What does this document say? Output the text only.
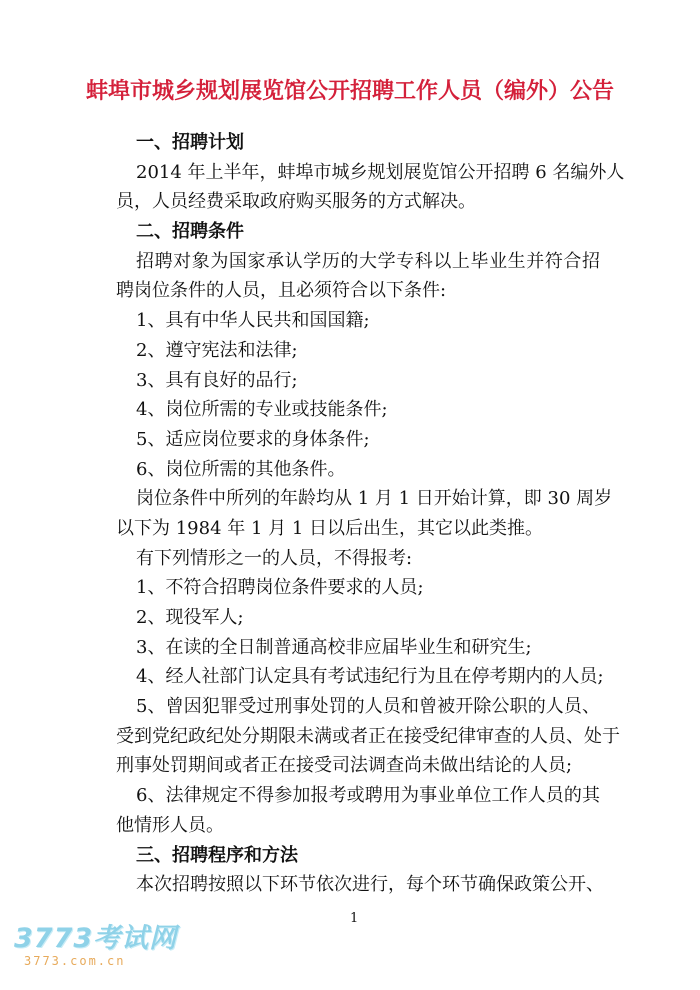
蚌埠市城乡规划展览馆公开招聘工作人员（编外）公告
一、招聘计划
2014 年上半年，蚌埠市城乡规划展览馆公开招聘 6 名编外人
员，人员经费采取政府购买服务的方式解决。
二、招聘条件
招聘对象为国家承认学历的大学专科以上毕业生并符合招
聘岗位条件的人员，且必须符合以下条件:
1、具有中华人民共和国国籍;
2、遵守宪法和法律;
3、具有良好的品行;
4、岗位所需的专业或技能条件;
5、适应岗位要求的身体条件;
6、岗位所需的其他条件。
岗位条件中所列的年龄均从 1 月 1 日开始计算，即 30 周岁
以下为 1984 年 1 月 1 日以后出生，其它以此类推。
有下列情形之一的人员，不得报考:
1、不符合招聘岗位条件要求的人员;
2、现役军人;
3、在读的全日制普通高校非应届毕业生和研究生;
4、经人社部门认定具有考试违纪行为且在停考期内的人员;
5、曾因犯罪受过刑事处罚的人员和曾被开除公职的人员、
受到党纪政纪处分期限未满或者正在接受纪律审查的人员、处于
刑事处罚期间或者正在接受司法调查尚未做出结论的人员;
6、法律规定不得参加报考或聘用为事业单位工作人员的其
他情形人员。
三、招聘程序和方法
本次招聘按照以下环节依次进行，每个环节确保政策公开、
1
3773考试网
3773.com.cn
